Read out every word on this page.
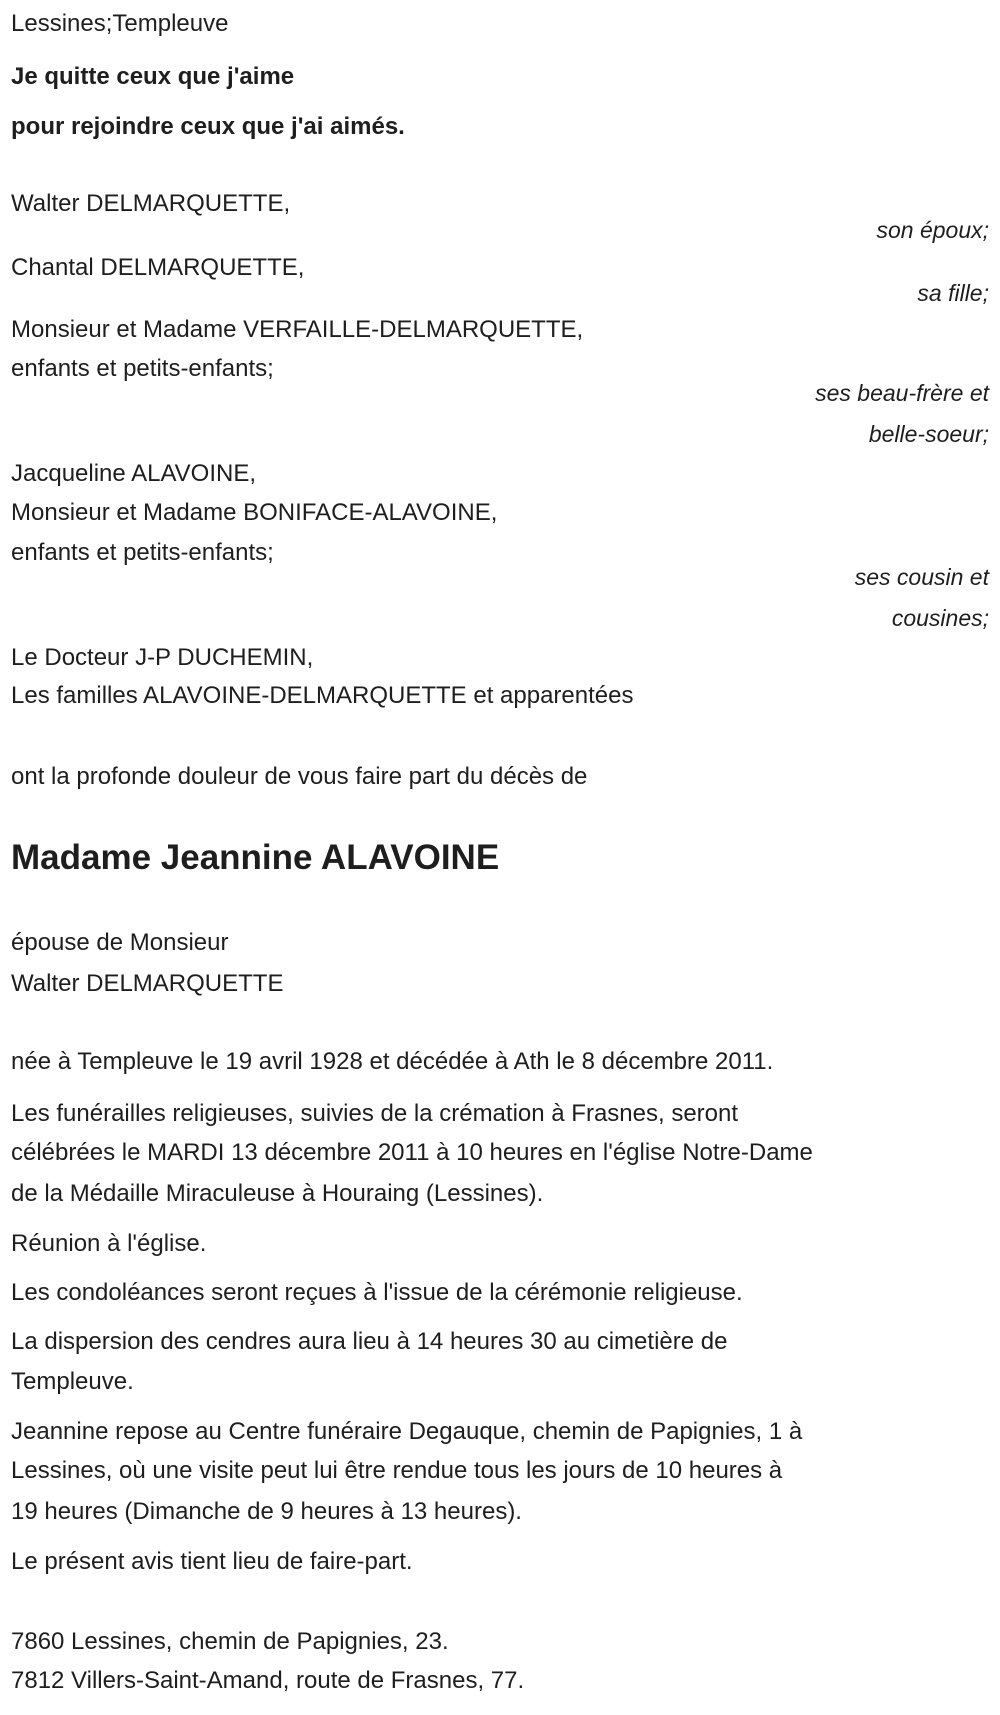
Lessines;Templeuve
Je quitte ceux que j'aime
pour rejoindre ceux que j'ai aimés.
Walter DELMARQUETTE,
son époux;
Chantal DELMARQUETTE,
sa fille;
Monsieur et Madame VERFAILLE-DELMARQUETTE,
enfants et petits-enfants;
ses beau-frère et
belle-soeur;
Jacqueline ALAVOINE,
Monsieur et Madame BONIFACE-ALAVOINE,
enfants et petits-enfants;
ses cousin et
cousines;
Le Docteur J-P DUCHEMIN,
Les familles ALAVOINE-DELMARQUETTE et apparentées
ont la profonde douleur de vous faire part du décès de
Madame Jeannine ALAVOINE
épouse de Monsieur
Walter DELMARQUETTE
née à Templeuve le 19 avril 1928 et décédée à Ath le 8 décembre 2011.
Les funérailles religieuses, suivies de la crémation à Frasnes, seront
célébrées le MARDI 13 décembre 2011 à 10 heures en l'église Notre-Dame
de la Médaille Miraculeuse à Houraing (Lessines).
Réunion à l'église.
Les condoléances seront reçues à l'issue de la cérémonie religieuse.
La dispersion des cendres aura lieu à 14 heures 30 au cimetière de
Templeuve.
Jeannine repose au Centre funéraire Degauque, chemin de Papignies, 1 à
Lessines, où une visite peut lui être rendue tous les jours de 10 heures à
19 heures (Dimanche de 9 heures à 13 heures).
Le présent avis tient lieu de faire-part.
7860 Lessines, chemin de Papignies, 23.
7812 Villers-Saint-Amand, route de Frasnes, 77.
